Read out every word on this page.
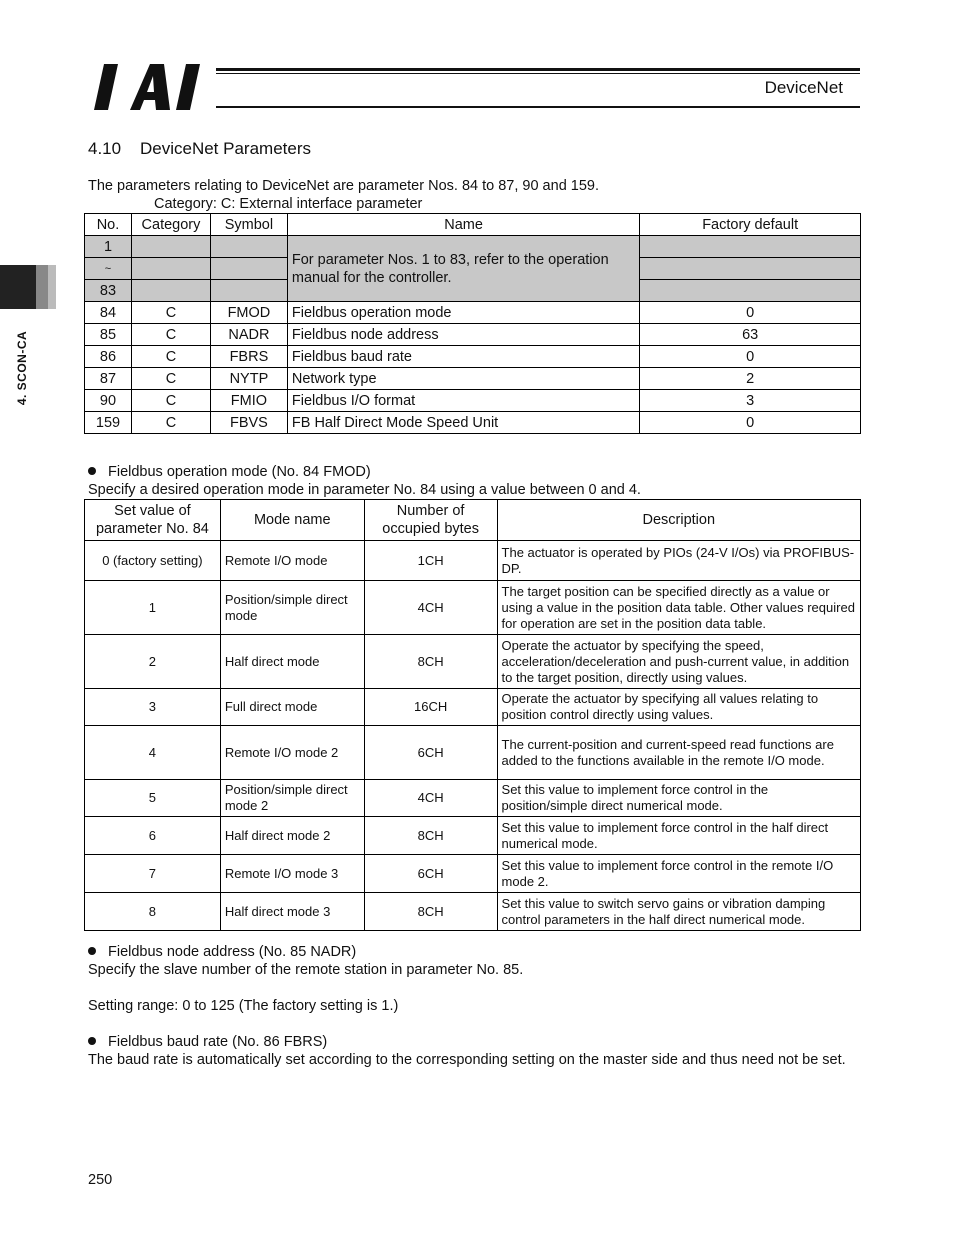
DeviceNet
4. SCON-CA
4.10    DeviceNet Parameters
The parameters relating to DeviceNet are parameter Nos. 84 to 87, 90 and 159.
Category: C: External interface parameter
No.	Category	Symbol	Name	Factory default
1			For parameter Nos. 1 to 83, refer to the operation manual for the controller.	
~				
83				
84	C	FMOD	Fieldbus operation mode	0
85	C	NADR	Fieldbus node address	63
86	C	FBRS	Fieldbus baud rate	0
87	C	NYTP	Network type	2
90	C	FMIO	Fieldbus I/O format	3
159	C	FBVS	FB Half Direct Mode Speed Unit	0
Fieldbus operation mode (No. 84 FMOD)
Specify a desired operation mode in parameter No. 84 using a value between 0 and 4.
Set value of parameter No. 84	Mode name	Number of occupied bytes	Description
0 (factory setting)	Remote I/O mode	1CH	The actuator is operated by PIOs (24-V I/Os) via PROFIBUS-DP.
1	Position/simple direct mode	4CH	The target position can be specified directly as a value or using a value in the position data table. Other values required for operation are set in the position data table.
2	Half direct mode	8CH	Operate the actuator by specifying the speed, acceleration/deceleration and push-current value, in addition to the target position, directly using values.
3	Full direct mode	16CH	Operate the actuator by specifying all values relating to position control directly using values.
4	Remote I/O mode 2	6CH	The current-position and current-speed read functions are added to the functions available in the remote I/O mode.
5	Position/simple direct mode 2	4CH	Set this value to implement force control in the position/simple direct numerical mode.
6	Half direct mode 2	8CH	Set this value to implement force control in the half direct numerical mode.
7	Remote I/O mode 3	6CH	Set this value to implement force control in the remote I/O mode 2.
8	Half direct mode 3	8CH	Set this value to switch servo gains or vibration damping control parameters in the half direct numerical mode.
Fieldbus node address (No. 85 NADR)
Specify the slave number of the remote station in parameter No. 85.
Setting range: 0 to 125 (The factory setting is 1.)
Fieldbus baud rate (No. 86 FBRS)
The baud rate is automatically set according to the corresponding setting on the master side and thus need not be set.
250
